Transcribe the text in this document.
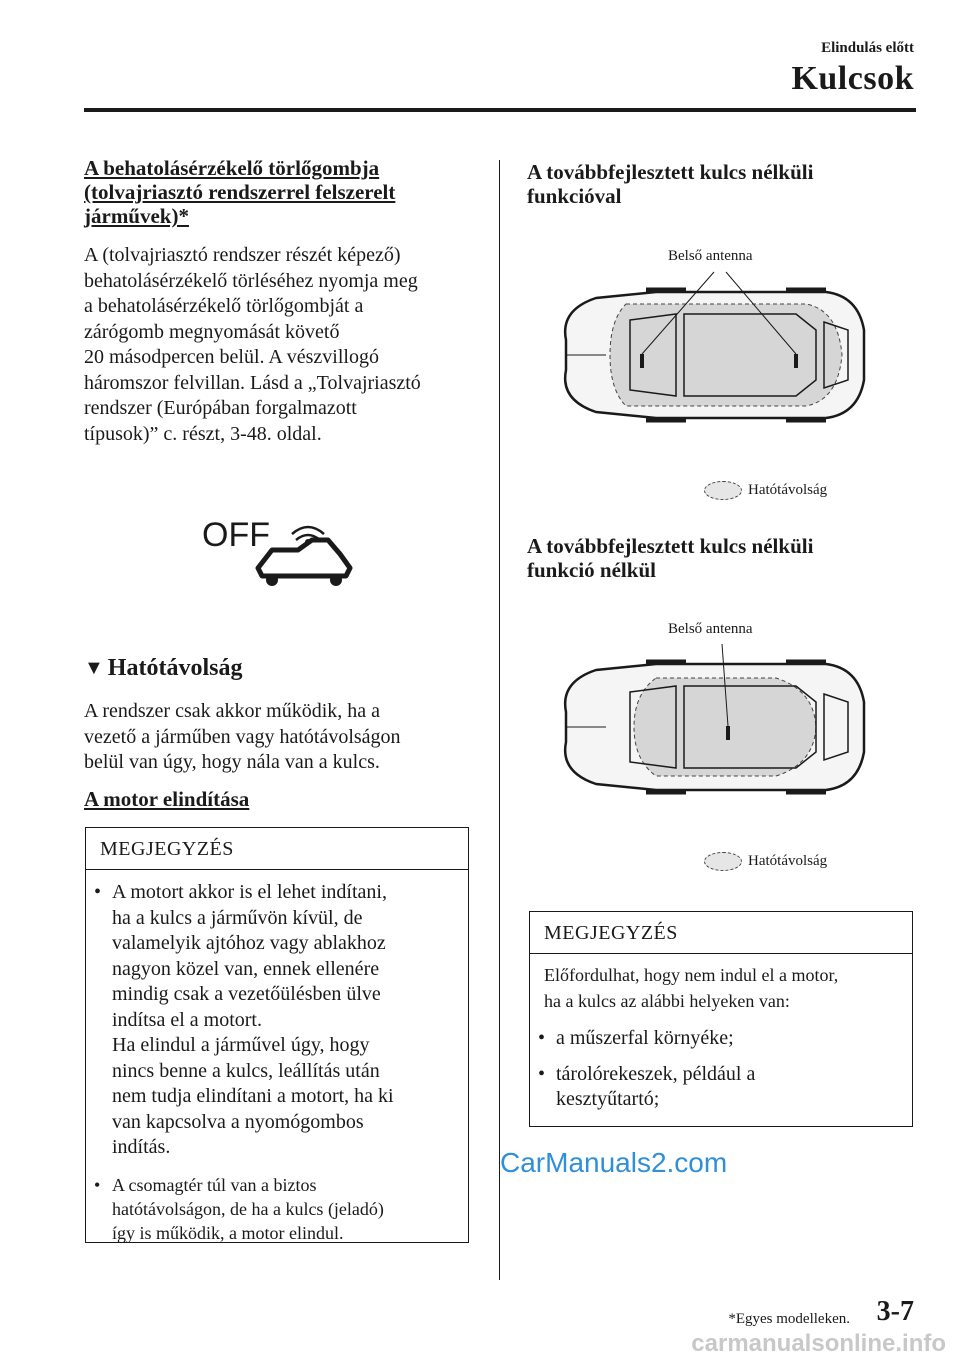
Elindulás előtt
Kulcsok
A behatolásérzékelő törlőgombja
(tolvajriasztó rendszerrel felszerelt
járművek)*
A (tolvajriasztó rendszer részét képező)
behatolásérzékelő törléséhez nyomja meg
a behatolásérzékelő törlőgombját a
zárógomb megnyomását követő
20 másodpercen belül. A vészvillogó
háromszor felvillan. Lásd a „Tolvajriasztó
rendszer (Európában forgalmazott
típusok)” c. részt, 3-48. oldal.
OFF
▼ Hatótávolság
A rendszer csak akkor működik, ha a
vezető a járműben vagy hatótávolságon
belül van úgy, hogy nála van a kulcs.
A motor elindítása
MEGJEGYZÉS
• A motort akkor is el lehet indítani,
ha a kulcs a járművön kívül, de
valamelyik ajtóhoz vagy ablakhoz
nagyon közel van, ennek ellenére
mindig csak a vezetőülésben ülve
indítsa el a motort.
Ha elindul a járművel úgy, hogy
nincs benne a kulcs, leállítás után
nem tudja elindítani a motort, ha ki
van kapcsolva a nyomógombos
indítás.
• A csomagtér túl van a biztos
hatótávolságon, de ha a kulcs (jeladó)
így is működik, a motor elindul.
A továbbfejlesztett kulcs nélküli
funkcióval
Belső antenna
Hatótávolság
A továbbfejlesztett kulcs nélküli
funkció nélkül
Belső antenna
Hatótávolság
MEGJEGYZÉS
Előfordulhat, hogy nem indul el a motor,
ha a kulcs az alábbi helyeken van:
• a műszerfal környéke;
• tárolórekeszek, például a
kesztyűtartó;
CarManuals2.com
*Egyes modelleken. 3-7
carmanualsonline.info
